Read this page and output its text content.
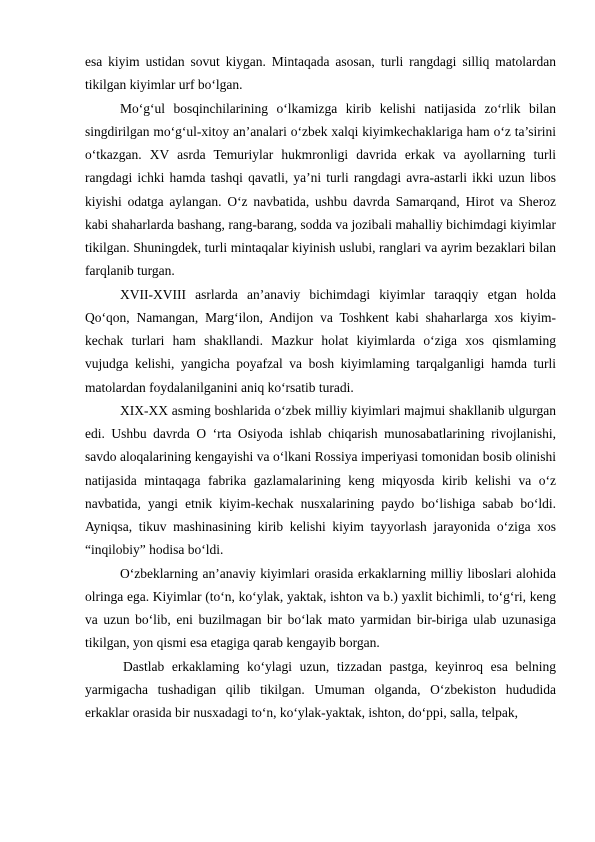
esa kiyim ustidan sovut kiygan. Mintaqada asosan, turli rangdagi silliq matolardan tikilgan kiyimlar urf bo‘lgan.

Mo‘g‘ul bosqinchilarining o‘lkamizga kirib kelishi natijasida zo‘rlik bilan singdirilgan mo‘g‘ul-xitoy an’analari o‘zbek xalqi kiyimkechaklariga ham o‘z ta’sirini o‘tkazgan. XV asrda Temuriylar hukmronligi davrida erkak va ayollarning turli rangdagi ichki hamda tashqi qavatli, ya’ni turli rangdagi avra-astarli ikki uzun libos kiyishi odatga aylangan. O‘z navbatida, ushbu davrda Samarqand, Hirot va Sheroz kabi shaharlarda bashang, rang-barang, sodda va jozibali mahalliy bichimdagi kiyimlar tikilgan. Shuningdek, turli mintaqalar kiyinish uslubi, ranglari va ayrim bezaklari bilan farqlanib turgan.

XVII-XVIII asrlarda an’anaviy bichimdagi kiyimlar taraqqiy etgan holda Qo‘qon, Namangan, Marg‘ilon, Andijon va Toshkent kabi shaharlarga xos kiyim-kechak turlari ham shakllandi. Mazkur holat kiyimlarda o‘ziga xos qismlaming vujudga kelishi, yangicha poyafzal va bosh kiyimlaming tarqalganligi hamda turli matolardan foydalanilganini aniq ko‘rsatib turadi.

XIX-XX asming boshlarida o‘zbek milliy kiyimlari majmui shakllanib ulgurgan edi. Ushbu davrda O ‘rta Osiyoda ishlab chiqarish munosabatlarining rivojlanishi, savdo aloqalarining kengayishi va o‘lkani Rossiya imperiyasi tomonidan bosib olinishi natijasida mintaqaga fabrika gazlamalarining keng miqyosda kirib kelishi va o‘z navbatida, yangi etnik kiyim-kechak nusxalarining paydo bo‘lishiga sabab bo‘ldi. Ayniqsa, tikuv mashinasining kirib kelishi kiyim tayyorlash jarayonida o‘ziga xos “inqilobiy” hodisa bo‘ldi.

O‘zbeklarning an’anaviy kiyimlari orasida erkaklarning milliy liboslari alohida olringa ega. Kiyimlar (to‘n, ko‘ylak, yaktak, ishton va b.) yaxlit bichimli, to‘g‘ri, keng va uzun bo‘lib, eni buzilmagan bir bo‘lak mato yarmidan bir-biriga ulab uzunasiga tikilgan, yon qismi esa etagiga qarab kengayib borgan.

Dastlab erkaklaming ko‘ylagi uzun, tizzadan pastga, keyinroq esa belning yarmigacha tushadigan qilib tikilgan. Umuman olganda, O‘zbekiston hududida erkaklar orasida bir nusxadagi to‘n, ko‘ylak-yaktak, ishton, do‘ppi, salla, telpak,
